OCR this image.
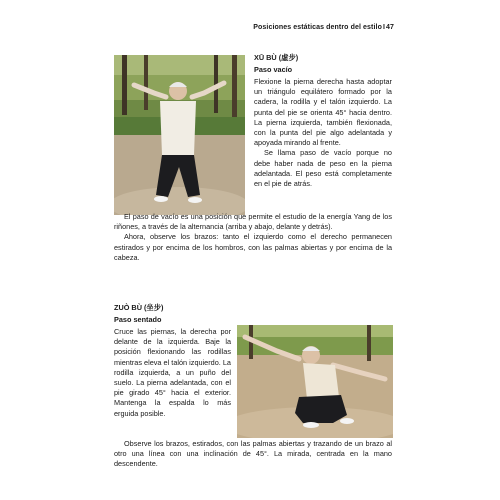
Posiciones estáticas dentro del estiloI47
XŪ BÙ (虛步)
Paso vacío

Flexione la pierna derecha hasta adoptar un triángulo equilátero formado por la cadera, la rodilla y el talón izquierdo. La punta del pie se orienta 45° hacia dentro. La pierna izquierda, también flexionada, con la punta del pie algo adelantada y apoyada mirando al frente.

Se llama paso de vacío porque no debe haber nada de peso en la pierna adelantada. El peso está completamente en el pie de atrás.

El paso de vacío es una posición que permite el estudio de la energía Yang de los riñones, a través de la alternancia (arriba y abajo, delante y detrás).

Ahora, observe los brazos: tanto el izquierdo como el derecho permanecen estirados y por encima de los hombros, con las palmas abiertas y por encima de la cabeza.

ZUÒ BÙ (坐步)
Paso sentado

Cruce las piernas, la derecha por delante de la izquierda. Baje la posición flexionando las rodillas mientras eleva el talón izquierdo. La rodilla izquierda, a un puño del suelo. La pierna adelantada, con el pie girado 45° hacia el exterior. Mantenga la espalda lo más erguida posible.

Observe los brazos, estirados, con las palmas abiertas y trazando de un brazo al otro una línea con una inclinación de 45°. La mirada, centrada en la mano descendente.
